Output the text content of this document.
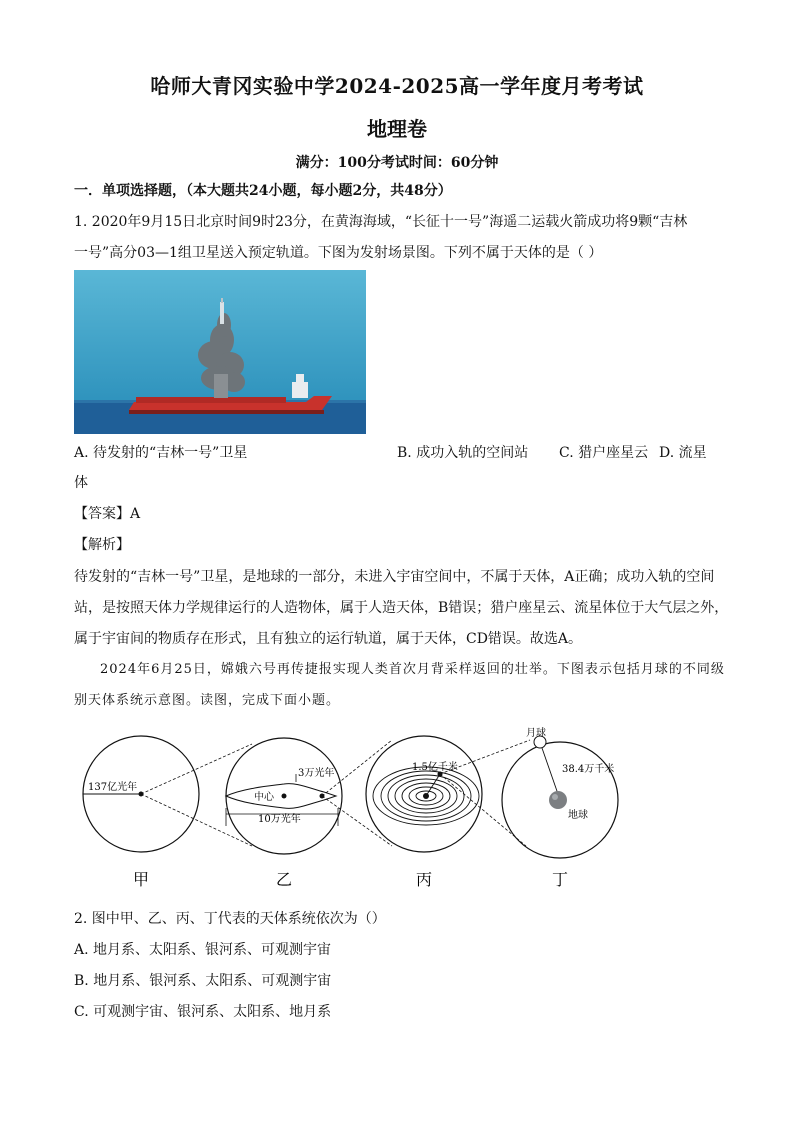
哈师大青冈实验中学2024-2025高一学年度月考考试
地理卷
满分：100分考试时间：60分钟
一．单项选择题，（本大题共24小题，每小题2分，共48分）
1. 2020年9月15日北京时间9时23分，在黄海海域，“长征十一号”海遥二运载火箭成功将9颗“吉林
一号”高分03—1组卫星送入预定轨道。下图为发射场景图。下列不属于天体的是（ ）
A. 待发射的“吉林一号”卫星	B. 成功入轨的空间站 C. 猎户座星云 D. 流星
体
【答案】A
【解析】
待发射的“吉林一号”卫星，是地球的一部分，未进入宇宙空间中，不属于天体，A正确；成功入轨的空间
站，是按照天体力学规律运行的人造物体，属于人造天体，B错误；猎户座星云、流星体位于大气层之外，
属于宇宙间的物质存在形式，且有独立的运行轨道，属于天体，CD错误。故选A。
2024年6月25日，嫦娥六号再传捷报实现人类首次月背采样返回的壮举。下图表示包括月球的不同级
别天体系统示意图。读图，完成下面小题。
137亿光年
甲
3万光年
中心
10万光年
乙
1.5亿千米
丙
月球
38.4万千米
地球
丁
2. 图中甲、乙、丙、丁代表的天体系统依次为（）
A. 地月系、太阳系、银河系、可观测宇宙
B. 地月系、银河系、太阳系、可观测宇宙
C. 可观测宇宙、银河系、太阳系、地月系
